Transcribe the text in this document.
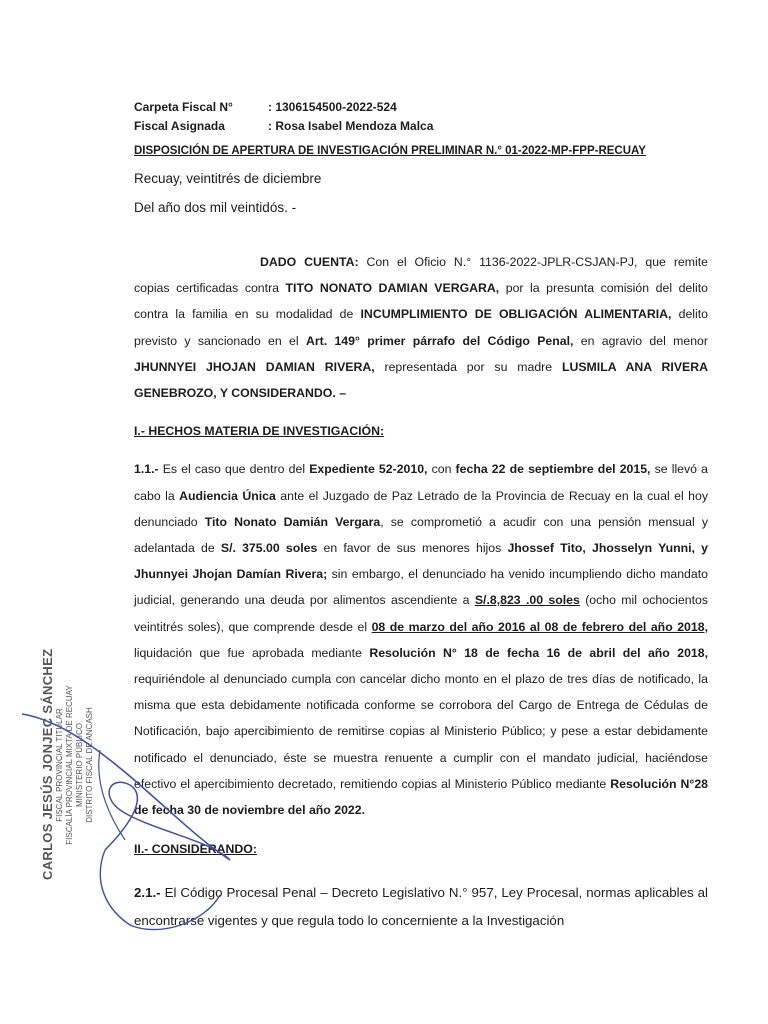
Carpeta Fiscal N°	: 1306154500-2022-524
Fiscal Asignada	: Rosa Isabel Mendoza Malca
DISPOSICIÓN DE APERTURA DE INVESTIGACIÓN PRELIMINAR N.° 01-2022-MP-FPP-RECUAY
Recuay, veintitrés de diciembre
Del año dos mil veintidós. -

DADO CUENTA: Con el Oficio N.° 1136-2022-JPLR-CSJAN-PJ, que remite copias certificadas contra TITO NONATO DAMIAN VERGARA, por la presunta comisión del delito contra la familia en su modalidad de INCUMPLIMIENTO DE OBLIGACIÓN ALIMENTARIA, delito previsto y sancionado en el Art. 149° primer párrafo del Código Penal, en agravio del menor JHUNNYEI JHOJAN DAMIAN RIVERA, representada por su madre LUSMILA ANA RIVERA GENEBROZO, Y CONSIDERANDO. –

I.- HECHOS MATERIA DE INVESTIGACIÓN:

1.1.- Es el caso que dentro del Expediente 52-2010, con fecha 22 de septiembre del 2015, se llevó a cabo la Audiencia Única ante el Juzgado de Paz Letrado de la Provincia de Recuay en la cual el hoy denunciado Tito Nonato Damián Vergara, se comprometió a acudir con una pensión mensual y adelantada de S/. 375.00 soles en favor de sus menores hijos Jhossef Tito, Jhosselyn Yunni, y Jhunnyei Jhojan Damían Rivera; sin embargo, el denunciado ha venido incumpliendo dicho mandato judicial, generando una deuda por alimentos ascendiente a S/.8,823 .00 soles (ocho mil ochocientos veintitrés soles), que comprende desde el 08 de marzo del año 2016 al 08 de febrero del año 2018, liquidación que fue aprobada mediante Resolución N° 18 de fecha 16 de abril del año 2018, requiriéndole al denunciado cumpla con cancelar dicho monto en el plazo de tres días de notificado, la misma que esta debidamente notificada conforme se corrobora del Cargo de Entrega de Cédulas de Notificación, bajo apercibimiento de remitirse copias al Ministerio Público; y pese a estar debidamente notificado el denunciado, éste se muestra renuente a cumplir con el mandato judicial, haciéndose efectivo el apercibimiento decretado, remitiendo copias al Ministerio Público mediante Resolución N°28 de fecha 30 de noviembre del año 2022.

II.- CONSIDERANDO:

2.1.- El Código Procesal Penal – Decreto Legislativo N.° 957, Ley Procesal, normas aplicables al encontrarse vigentes y que regula todo lo concerniente a la Investigación

CARLOS JESÚS JONJEC SÁNCHEZ FISCAL PROVINCIAL TITULAR FISCALÍA PROVINCIAL MIXTA DE RECUAY MINISTERIO PÚBLICO DISTRITO FISCAL DE ANCASH
